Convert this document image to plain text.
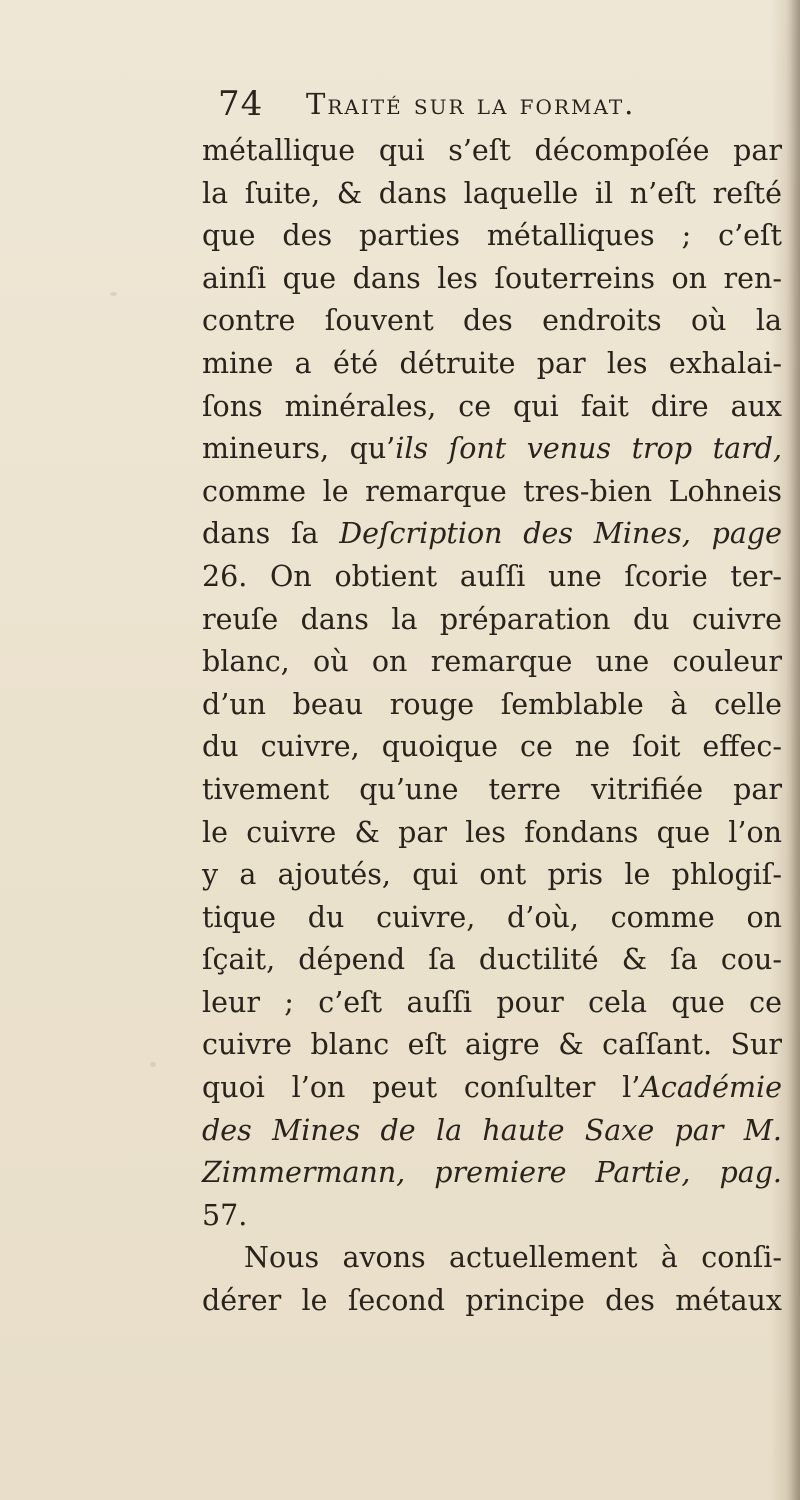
74 Traité sur la format.
métallique qui s’eſt décompoſée par
la ſuite, & dans laquelle il n’eſt reſté
que des parties métalliques ; c’eſt
ainſi que dans les ſouterreins on ren-
contre ſouvent des endroits où la
mine a été détruite par les exhalai-
ſons minérales, ce qui fait dire aux
mineurs, qu’ils ſont venus trop tard,
comme le remarque tres-bien Lohneis
dans ſa Deſcription des Mines, page
26. On obtient auſſi une ſcorie ter-
reuſe dans la préparation du cuivre
blanc, où on remarque une couleur
d’un beau rouge ſemblable à celle
du cuivre, quoique ce ne ſoit effec-
tivement qu’une terre vitrifiée par
le cuivre & par les fondans que l’on
y a ajoutés, qui ont pris le phlogiſ-
tique du cuivre, d’où, comme on
ſçait, dépend ſa ductilité & ſa cou-
leur ; c’eſt auſſi pour cela que ce
cuivre blanc eſt aigre & caſſant. Sur
quoi l’on peut conſulter l’Académie
des Mines de la haute Saxe par M.
Zimmermann, premiere Partie, pag.
57.
Nous avons actuellement à conſi-
dérer le ſecond principe des métaux
